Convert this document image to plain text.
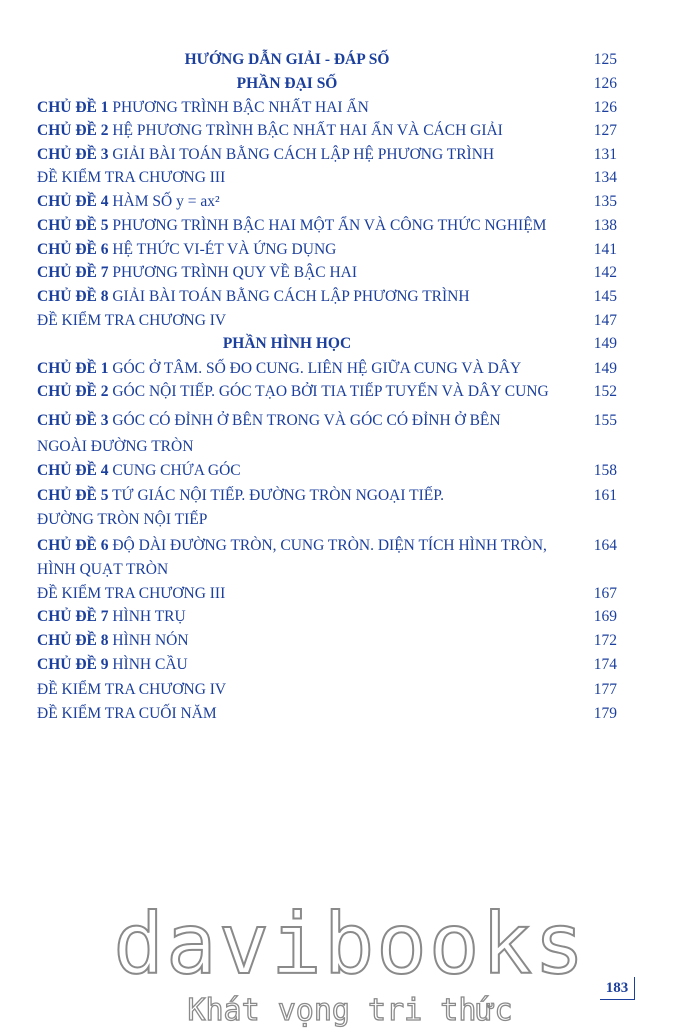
HƯỚNG DẪN GIẢI - ĐÁP SỐ	125
PHẦN ĐẠI SỐ	126
CHỦ ĐỀ 1 PHƯƠNG TRÌNH BẬC NHẤT HAI ẨN	126
CHỦ ĐỀ 2 HỆ PHƯƠNG TRÌNH BẬC NHẤT HAI ẨN VÀ CÁCH GIẢI	127
CHỦ ĐỀ 3 GIẢI BÀI TOÁN BẰNG CÁCH LẬP HỆ PHƯƠNG TRÌNH	131
ĐỀ KIỂM TRA CHƯƠNG III	134
CHỦ ĐỀ 4 HÀM SỐ y = ax²	135
CHỦ ĐỀ 5 PHƯƠNG TRÌNH BẬC HAI MỘT ẨN VÀ CÔNG THỨC NGHIỆM	138
CHỦ ĐỀ 6 HỆ THỨC VI-ÉT VÀ ỨNG DỤNG	141
CHỦ ĐỀ 7 PHƯƠNG TRÌNH QUY VỀ BẬC HAI	142
CHỦ ĐỀ 8 GIẢI BÀI TOÁN BẰNG CÁCH LẬP PHƯƠNG TRÌNH	145
ĐỀ KIỂM TRA CHƯƠNG IV	147
PHẦN HÌNH HỌC	149
CHỦ ĐỀ 1 GÓC Ở TÂM. SỐ ĐO CUNG. LIÊN HỆ GIỮA CUNG VÀ DÂY	149
CHỦ ĐỀ 2 GÓC NỘI TIẾP. GÓC TẠO BỞI TIA TIẾP TUYẾN VÀ DÂY CUNG	152
CHỦ ĐỀ 3 GÓC CÓ ĐỈNH Ở BÊN TRONG VÀ GÓC CÓ ĐỈNH Ở BÊN	155
NGOÀI ĐƯỜNG TRÒN
CHỦ ĐỀ 4 CUNG CHỨA GÓC	158
CHỦ ĐỀ 5 TỨ GIÁC NỘI TIẾP. ĐƯỜNG TRÒN NGOẠI TIẾP.	161
ĐƯỜNG TRÒN NỘI TIẾP
CHỦ ĐỀ 6 ĐỘ DÀI ĐƯỜNG TRÒN, CUNG TRÒN. DIỆN TÍCH HÌNH TRÒN,	164
HÌNH QUẠT TRÒN
ĐỀ KIỂM TRA CHƯƠNG III	167
CHỦ ĐỀ 7 HÌNH TRỤ	169
CHỦ ĐỀ 8 HÌNH NÓN	172
CHỦ ĐỀ 9 HÌNH CẦU	174
ĐỀ KIỂM TRA CHƯƠNG IV	177
ĐỀ KIỂM TRA CUỐI NĂM	179
davibooks
Khát vọng tri thức
183
